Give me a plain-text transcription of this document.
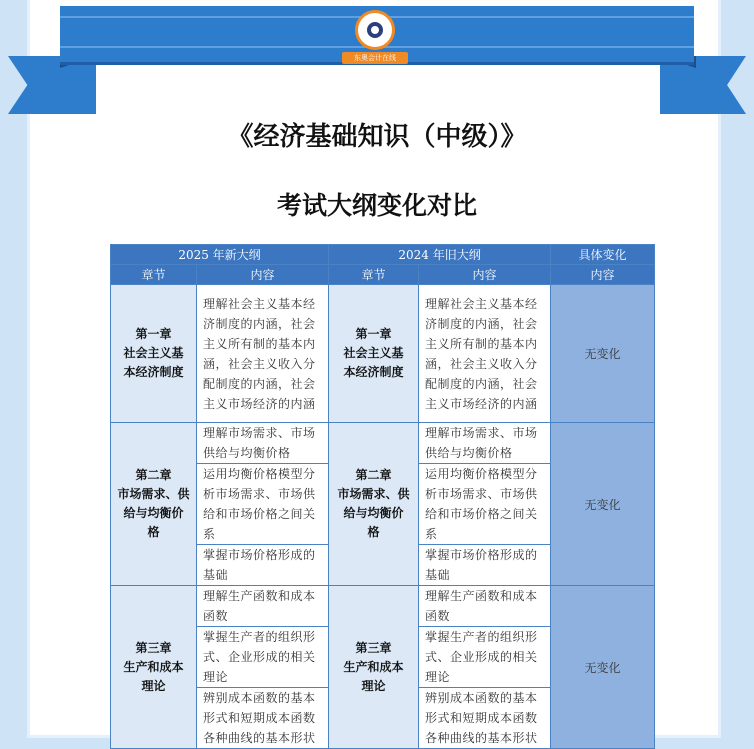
东奥会计在线
《经济基础知识（中级）》
考试大纲变化对比
2025 年新大纲		2024 年旧大纲		具体变化
章节	内容	章节	内容	内容

第一章
社会主义基
本经济制度	理解社会主义基本经济制度的内涵，社会主义所有制的基本内涵，社会主义收入分配制度的内涵，社会主义市场经济的内涵	第一章
社会主义基
本经济制度	理解社会主义基本经济制度的内涵，社会主义所有制的基本内涵，社会主义收入分配制度的内涵，社会主义市场经济的内涵	无变化

第二章
市场需求、供
给与均衡价
格	理解市场需求、市场供给与均衡价格	第二章
市场需求、供
给与均衡价
格	理解市场需求、市场供给与均衡价格	无变化
	运用均衡价格模型分析市场需求、市场供给和市场价格之间关系		运用均衡价格模型分析市场需求、市场供给和市场价格之间关系	
	掌握市场价格形成的基础		掌握市场价格形成的基础	

第三章
生产和成本
理论	理解生产函数和成本函数	第三章
生产和成本
理论	理解生产函数和成本函数	无变化
	掌握生产者的组织形式、企业形成的相关理论		掌握生产者的组织形式、企业形成的相关理论	
	辨别成本函数的基本形式和短期成本函数各种曲线的基本形状		辨别成本函数的基本形式和短期成本函数各种曲线的基本形状	
